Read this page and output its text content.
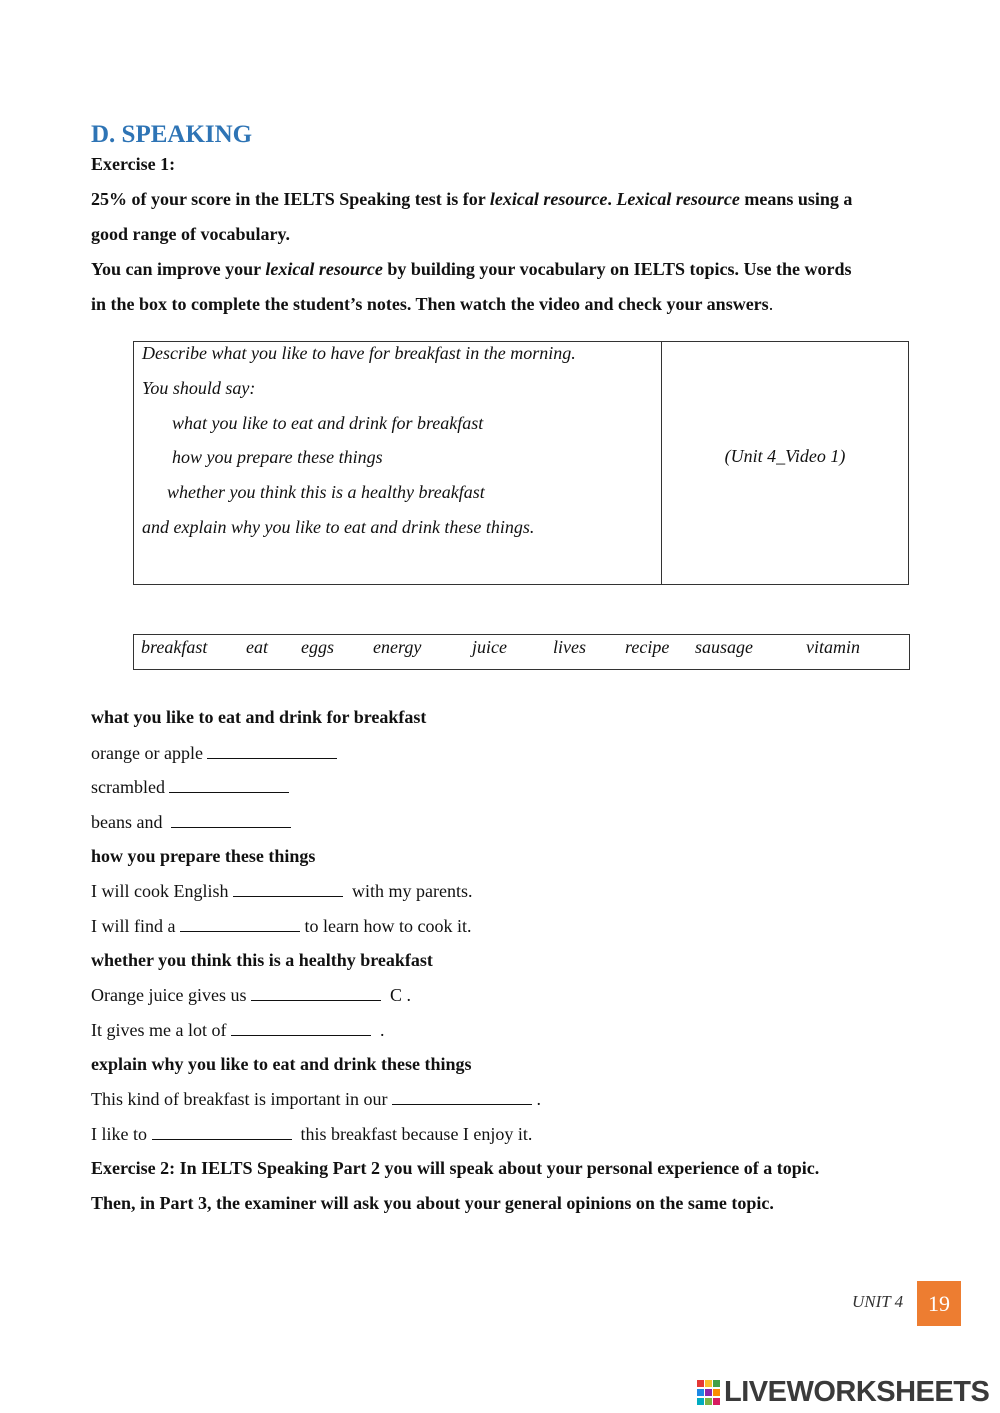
D. SPEAKING
Exercise 1:
25% of your score in the IELTS Speaking test is for lexical resource. Lexical resource means using a
good range of vocabulary.
You can improve your lexical resource by building your vocabulary on IELTS topics. Use the words
in the box to complete the student’s notes. Then watch the video and check your answers.
Describe what you like to have for breakfast in the morning.
You should say:
what you like to eat and drink for breakfast
how you prepare these things
whether you think this is a healthy breakfast
and explain why you like to eat and drink these things.
(Unit 4_Video 1)
breakfast eat eggs energy	juice	lives recipe sausage	vitamin
what you like to eat and drink for breakfast
orange or apple
scrambled
beans and
how you prepare these things
I will cook English	with my parents.
I will find a	to learn how to cook it.
whether you think this is a healthy breakfast
Orange juice gives us	C .
It gives me a lot of	.
explain why you like to eat and drink these things
This kind of breakfast is important in our	.
I like to	this breakfast because I enjoy it.
Exercise 2: In IELTS Speaking Part 2 you will speak about your personal experience of a topic.
Then, in Part 3, the examiner will ask you about your general opinions on the same topic.
UNIT 4	19
LIVEWORKSHEETS
